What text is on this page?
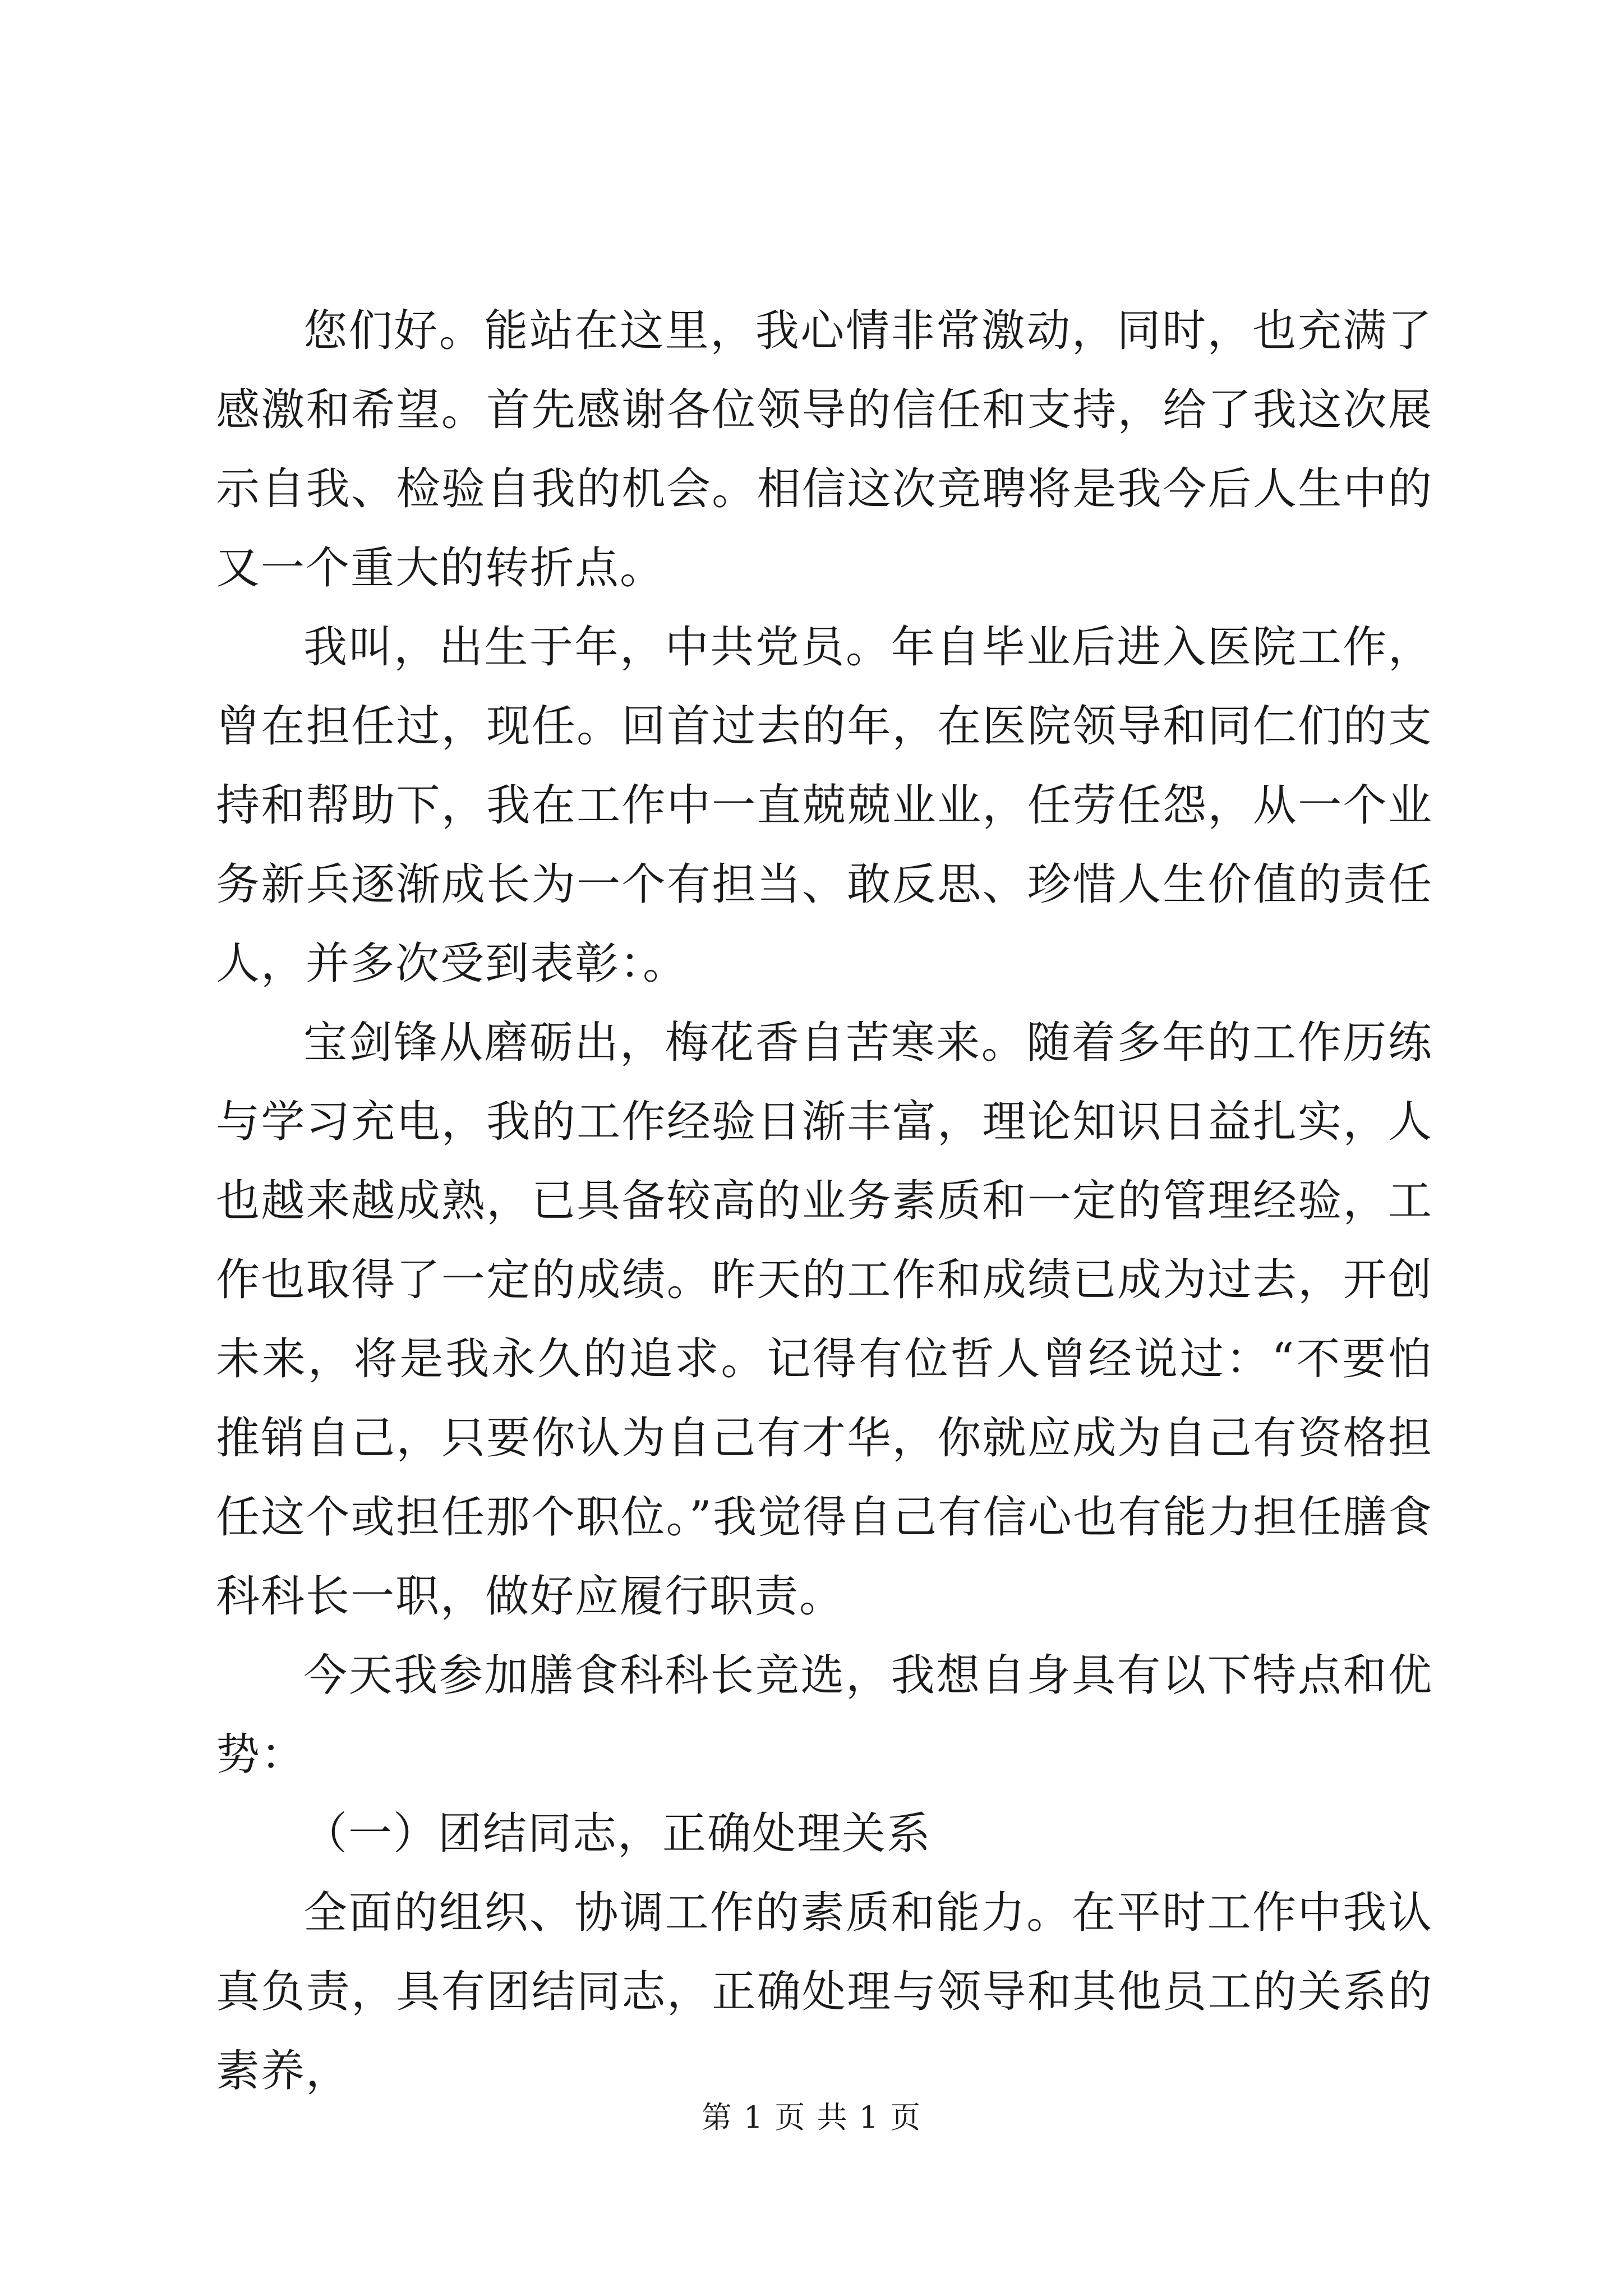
您们好。能站在这里，我心情非常激动，同时，也充满了感激和希望。首先感谢各位领导的信任和支持，给了我这次展示自我、检验自我的机会。相信这次竞聘将是我今后人生中的又一个重大的转折点。

我叫，出生于年，中共党员。年自毕业后进入医院工作，曾在担任过，现任。回首过去的年，在医院领导和同仁们的支持和帮助下，我在工作中一直兢兢业业，任劳任怨，从一个业务新兵逐渐成长为一个有担当、敢反思、珍惜人生价值的责任人，并多次受到表彰：。

宝剑锋从磨砺出，梅花香自苦寒来。随着多年的工作历练与学习充电，我的工作经验日渐丰富，理论知识日益扎实，人也越来越成熟，已具备较高的业务素质和一定的管理经验，工作也取得了一定的成绩。昨天的工作和成绩已成为过去，开创未来，将是我永久的追求。记得有位哲人曾经说过：“不要怕推销自己，只要你认为自己有才华，你就应成为自己有资格担任这个或担任那个职位。”我觉得自己有信心也有能力担任膳食科科长一职，做好应履行职责。

今天我参加膳食科科长竞选，我想自身具有以下特点和优势：

（一）团结同志，正确处理关系

全面的组织、协调工作的素质和能力。在平时工作中我认真负责，具有团结同志，正确处理与领导和其他员工的关系的素养，

第 1 页 共 1 页
